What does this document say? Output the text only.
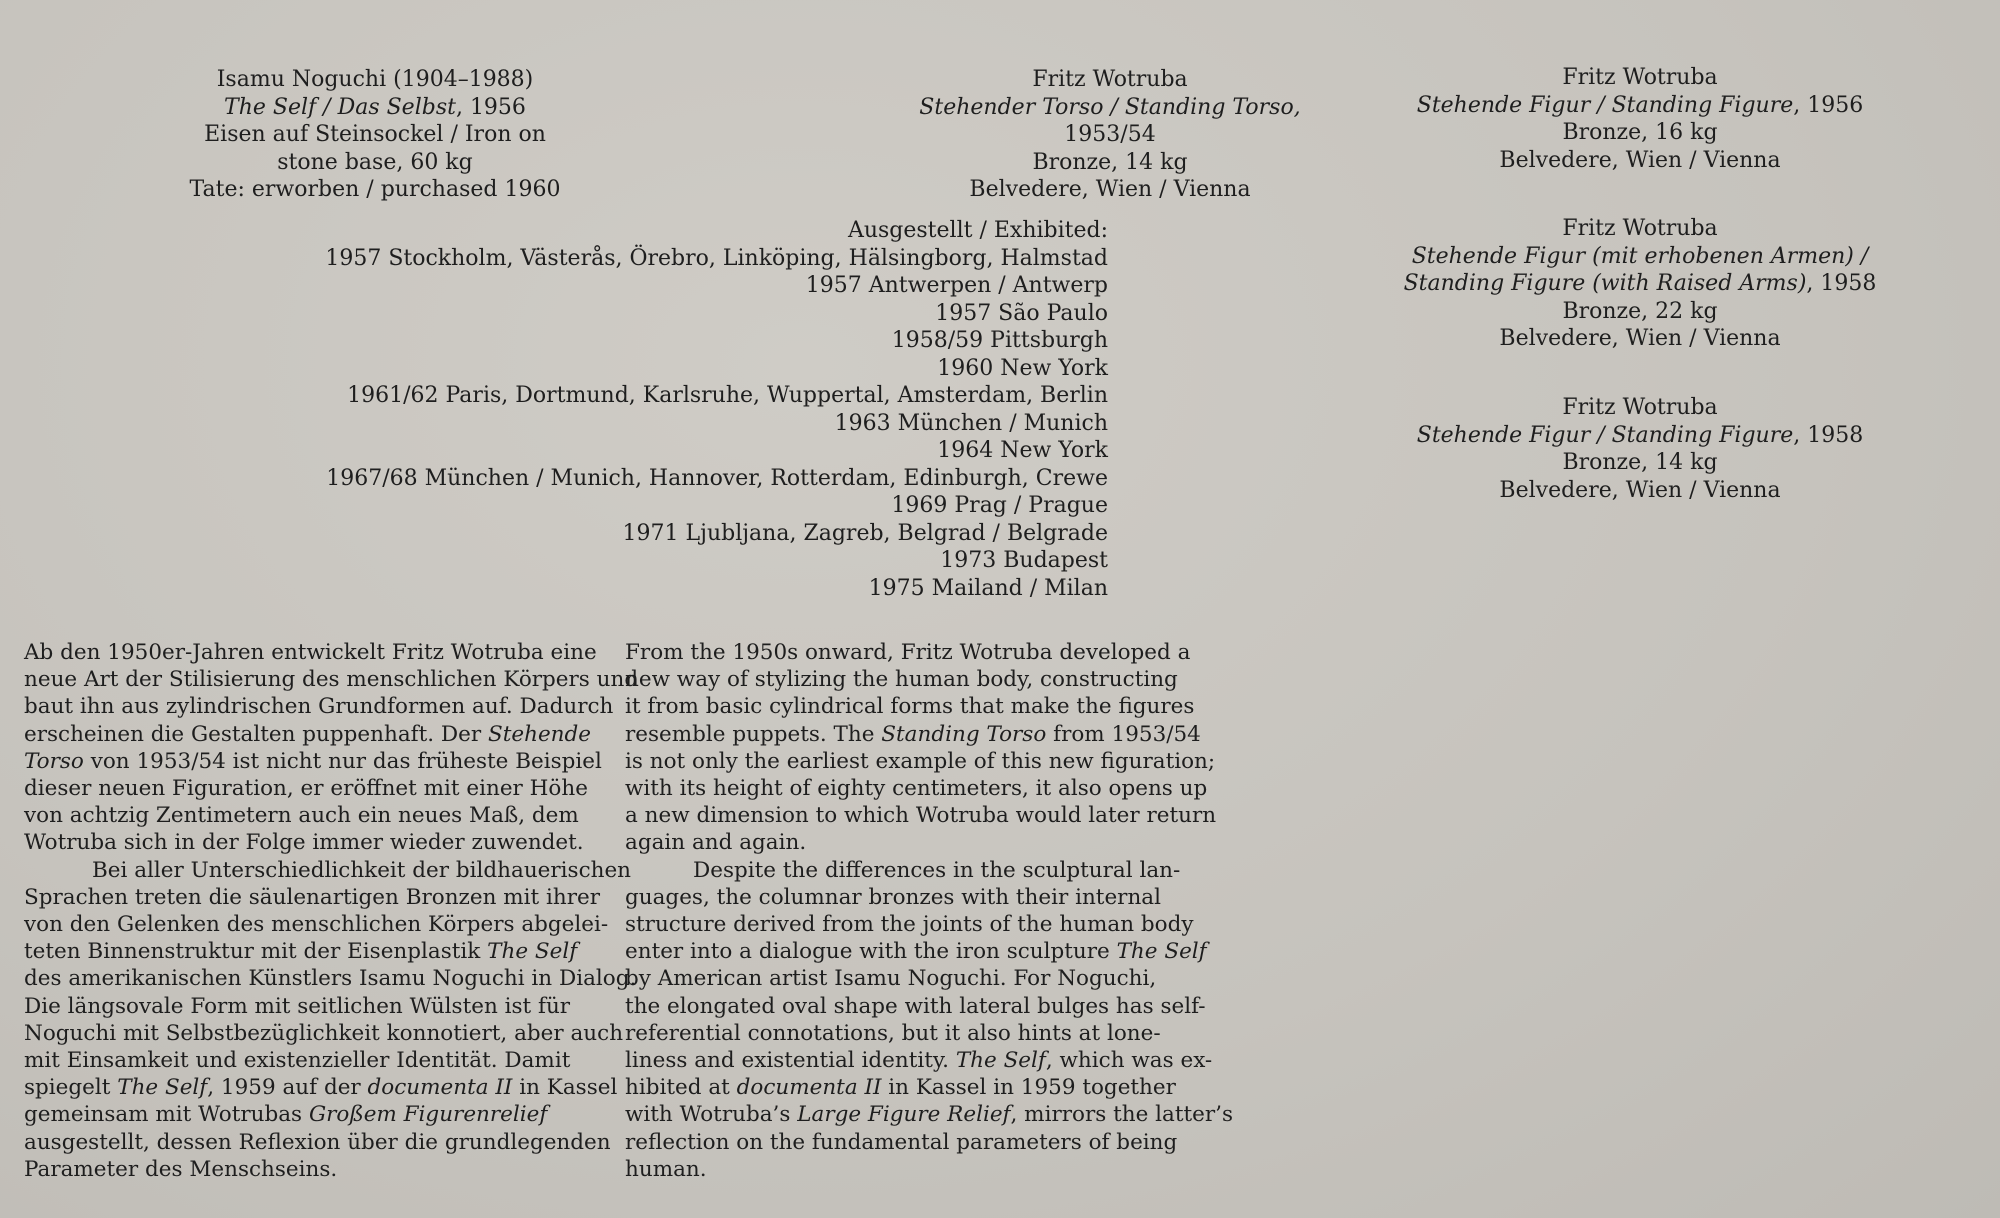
Isamu Noguchi (1904–1988)
The Self / Das Selbst, 1956
Eisen auf Steinsockel / Iron on
stone base, 60 kg
Tate: erworben / purchased 1960
Fritz Wotruba
Stehender Torso / Standing Torso,
1953/54
Bronze, 14 kg
Belvedere, Wien / Vienna
Ausgestellt / Exhibited:
1957 Stockholm, Västerås, Örebro, Linköping, Hälsingborg, Halmstad
1957 Antwerpen / Antwerp
1957 São Paulo
1958/59 Pittsburgh
1960 New York
1961/62 Paris, Dortmund, Karlsruhe, Wuppertal, Amsterdam, Berlin
1963 München / Munich
1964 New York
1967/68 München / Munich, Hannover, Rotterdam, Edinburgh, Crewe
1969 Prag / Prague
1971 Ljubljana, Zagreb, Belgrad / Belgrade
1973 Budapest
1975 Mailand / Milan
Fritz Wotruba
Stehende Figur / Standing Figure, 1956
Bronze, 16 kg
Belvedere, Wien / Vienna
Fritz Wotruba
Stehende Figur (mit erhobenen Armen) /
Standing Figure (with Raised Arms), 1958
Bronze, 22 kg
Belvedere, Wien / Vienna
Fritz Wotruba
Stehende Figur / Standing Figure, 1958
Bronze, 14 kg
Belvedere, Wien / Vienna
Ab den 1950er-Jahren entwickelt Fritz Wotruba eine
neue Art der Stilisierung des menschlichen Körpers und
baut ihn aus zylindrischen Grundformen auf. Dadurch
erscheinen die Gestalten puppenhaft. Der Stehende
Torso von 1953/54 ist nicht nur das früheste Beispiel
dieser neuen Figuration, er eröffnet mit einer Höhe
von achtzig Zentimetern auch ein neues Maß, dem
Wotruba sich in der Folge immer wieder zuwendet.
Bei aller Unterschiedlichkeit der bildhauerischen
Sprachen treten die säulenartigen Bronzen mit ihrer
von den Gelenken des menschlichen Körpers abgelei-
teten Binnenstruktur mit der Eisenplastik The Self
des amerikanischen Künstlers Isamu Noguchi in Dialog.
Die längsovale Form mit seitlichen Wülsten ist für
Noguchi mit Selbstbezüglichkeit konnotiert, aber auch
mit Einsamkeit und existenzieller Identität. Damit
spiegelt The Self, 1959 auf der documenta II in Kassel
gemeinsam mit Wotrubas Großem Figurenrelief
ausgestellt, dessen Reflexion über die grundlegenden
Parameter des Menschseins.
From the 1950s onward, Fritz Wotruba developed a
new way of stylizing the human body, constructing
it from basic cylindrical forms that make the figures
resemble puppets. The Standing Torso from 1953/54
is not only the earliest example of this new figuration;
with its height of eighty centimeters, it also opens up
a new dimension to which Wotruba would later return
again and again.
Despite the differences in the sculptural lan-
guages, the columnar bronzes with their internal
structure derived from the joints of the human body
enter into a dialogue with the iron sculpture The Self
by American artist Isamu Noguchi. For Noguchi,
the elongated oval shape with lateral bulges has self-
referential connotations, but it also hints at lone-
liness and existential identity. The Self, which was ex-
hibited at documenta II in Kassel in 1959 together
with Wotruba’s Large Figure Relief, mirrors the latter’s
reflection on the fundamental parameters of being
human.
